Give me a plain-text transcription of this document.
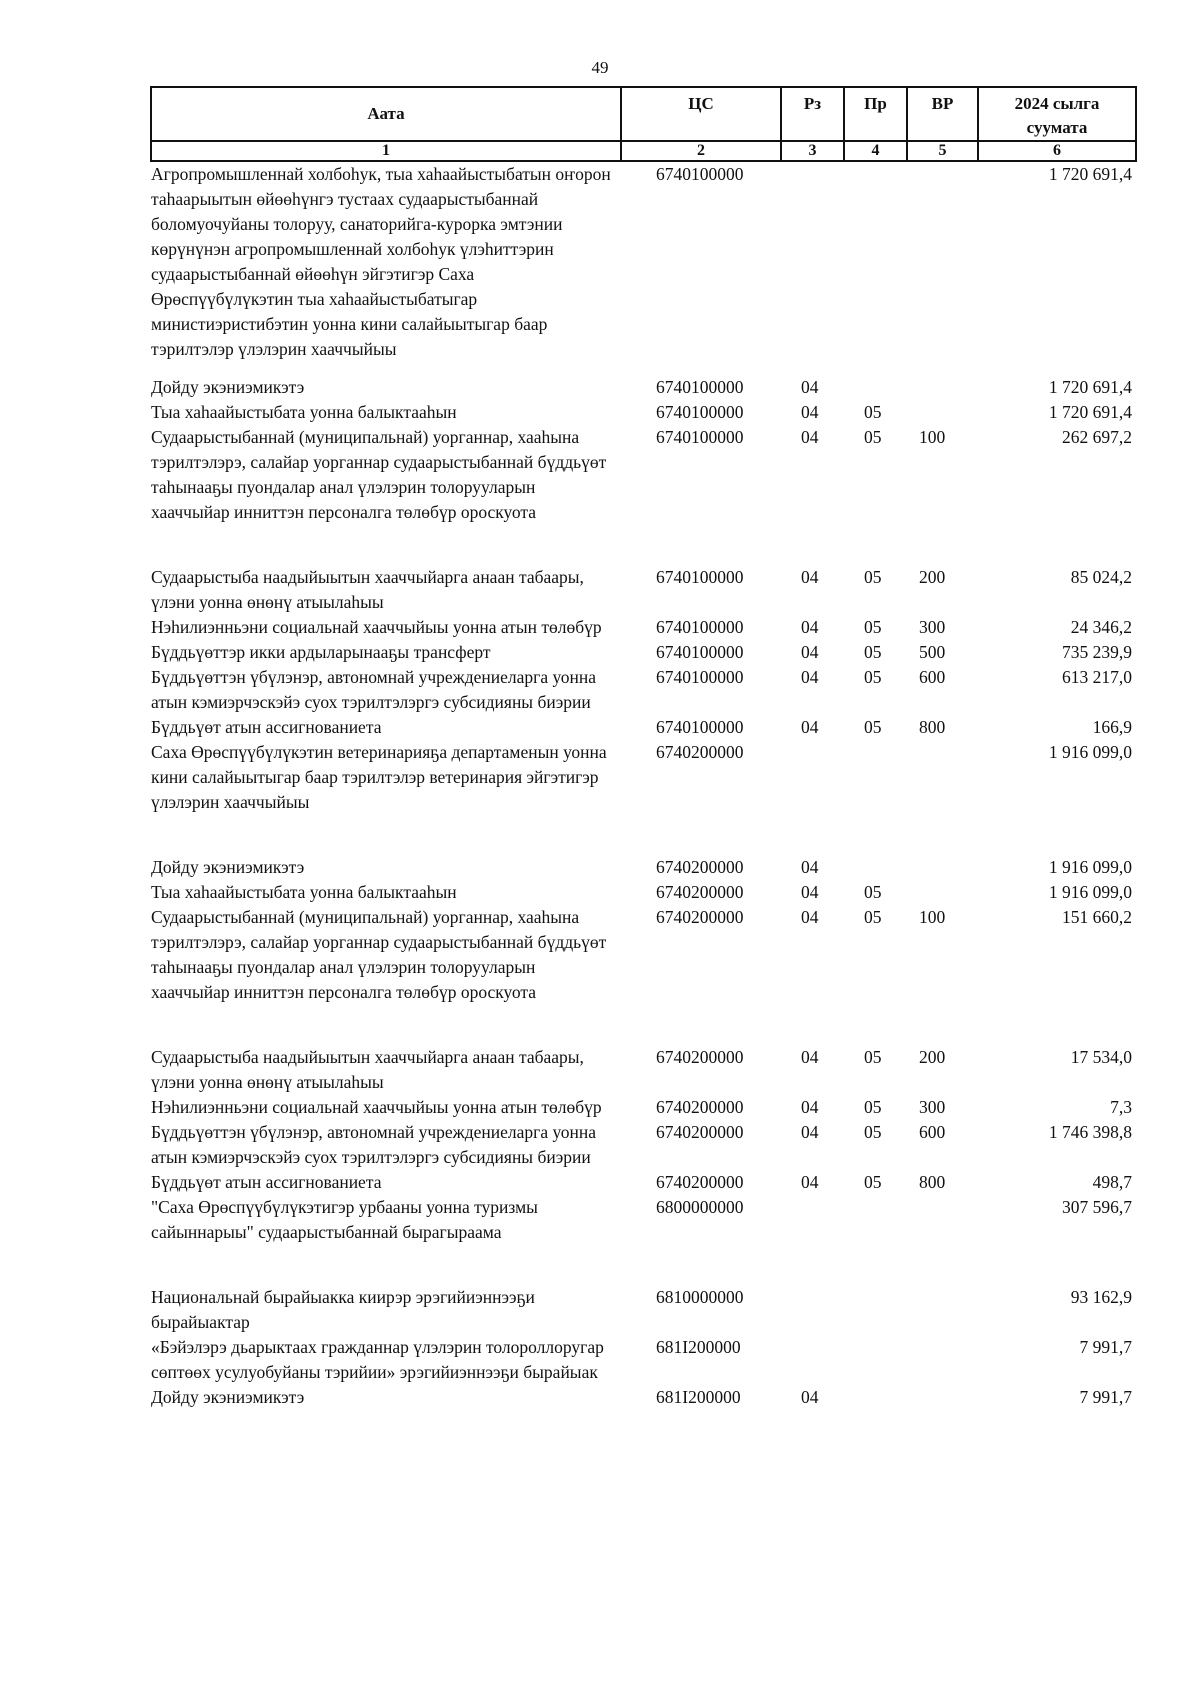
49
Аата	ЦС	Рз	Пр	ВР	2024 сылга суумата
1	2	3	4	5	6
Агропромышленнай холбоһук, тыа хаһаайыстыбатын оҥорон таһаарыытын өйөөһүнгэ тустаах судаарыстыбаннай боломуочуйаны толоруу, санаторийга-курорка эмтэнии көрүнүнэн агропромышленнай холбоһук үлэһиттэрин судаарыстыбаннай өйөөһүн эйгэтигэр Саха Өрөспүүбүлүкэтин тыа хаһаайыстыбатыгар министиэристибэтин уонна кини салайыытыгар баар тэрилтэлэр үлэлэрин хааччыйыы	6740100000				1 720 691,4
Дойду экэниэмикэтэ	6740100000	04			1 720 691,4
Тыа хаһаайыстыбата уонна балыктааһын	6740100000	04	05		1 720 691,4
Судаарыстыбаннай (муниципальнай) уорганнар, хааһына тэрилтэлэрэ, салайар уорганнар судаарыстыбаннай бүддьүөт таһынааҕы пуондалар анал үлэлэрин толорууларын хааччыйар инниттэн персоналга төлөбүр ороскуота	6740100000	04	05	100	262 697,2
Судаарыстыба наадыйыытын хааччыйарга анаан табаары, үлэни уонна өнөнү атыылаһыы	6740100000	04	05	200	85 024,2
Нэһилиэнньэни социальнай хааччыйыы уонна атын төлөбүр	6740100000	04	05	300	24 346,2
Бүддьүөттэр икки ардыларынааҕы трансферт	6740100000	04	05	500	735 239,9
Бүддьүөттэн үбүлэнэр, автономнай учреждениеларга уонна атын кэмиэрчэскэйэ суох тэрилтэлэргэ субсидияны биэрии	6740100000	04	05	600	613 217,0
Бүддьүөт атын ассигнованиета	6740100000	04	05	800	166,9
Саха Өрөспүүбүлүкэтин ветеринарияҕа департаменын уонна кини салайыытыгар баар тэрилтэлэр ветеринария эйгэтигэр үлэлэрин хааччыйыы	6740200000				1 916 099,0
Дойду экэниэмикэтэ	6740200000	04			1 916 099,0
Тыа хаһаайыстыбата уонна балыктааһын	6740200000	04	05		1 916 099,0
Судаарыстыбаннай (муниципальнай) уорганнар, хааһына тэрилтэлэрэ, салайар уорганнар судаарыстыбаннай бүддьүөт таһынааҕы пуондалар анал үлэлэрин толорууларын хааччыйар инниттэн персоналга төлөбүр ороскуота	6740200000	04	05	100	151 660,2
Судаарыстыба наадыйыытын хааччыйарга анаан табаары, үлэни уонна өнөнү атыылаһыы	6740200000	04	05	200	17 534,0
Нэһилиэнньэни социальнай хааччыйыы уонна атын төлөбүр	6740200000	04	05	300	7,3
Бүддьүөттэн үбүлэнэр, автономнай учреждениеларга уонна атын кэмиэрчэскэйэ суох тэрилтэлэргэ субсидияны биэрии	6740200000	04	05	600	1 746 398,8
Бүддьүөт атын ассигнованиета	6740200000	04	05	800	498,7
"Саха Өрөспүүбүлүкэтигэр урбааны уонна туризмы сайыннарыы" судаарыстыбаннай бырагыраама	6800000000				307 596,7
Национальнай бырайыакка киирэр эрэгийиэннээҕи бырайыактар	6810000000				93 162,9
«Бэйэлэрэ дьарыктаах гражданнар үлэлэрин толороллоругар сөптөөх усулуобуйаны тэрийии» эрэгийиэннээҕи бырайыак	681I200000				7 991,7
Дойду экэниэмикэтэ	681I200000	04			7 991,7
